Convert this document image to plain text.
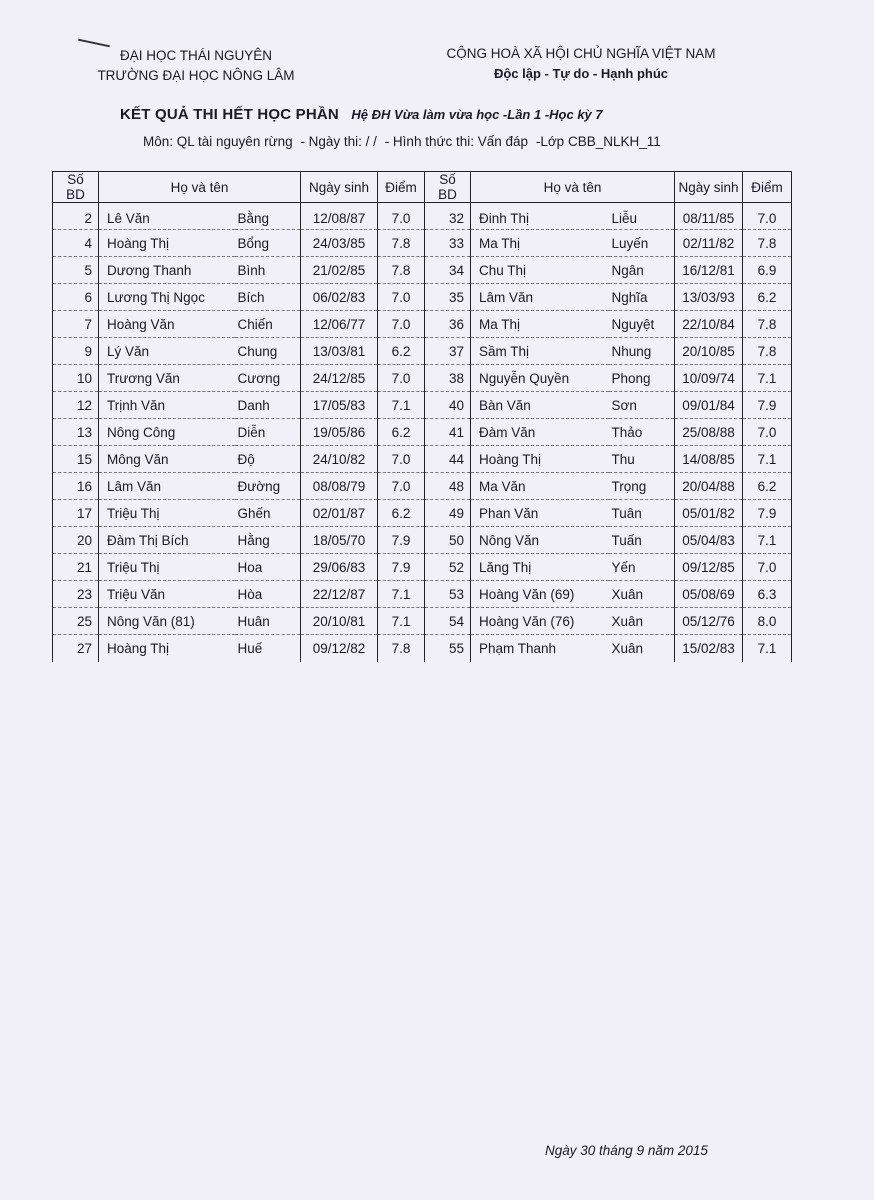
ĐẠI HỌC THÁI NGUYÊN
TRƯỜNG ĐẠI HỌC NÔNG LÂM
CỘNG HOÀ XÃ HỘI CHỦ NGHĨA VIỆT NAM
Độc lập - Tự do - Hạnh phúc
KẾT QUẢ THI HẾT HỌC PHẦN Hệ ĐH Vừa làm vừa học -Lần 1 -Học kỳ 7
Môn: QL tài nguyên rừng - Ngày thi: / / - Hình thức thi: Vấn đáp -Lớp CBB_NLKH_11
Số BD	Họ và tên		Ngày sinh	Điểm	Số BD	Họ và tên		Ngày sinh	Điểm
2	Lê Văn	Bằng	12/08/87	7.0	32	Đinh Thị	Liễu	08/11/85	7.0
4	Hoàng Thị	Bổng	24/03/85	7.8	33	Ma Thị	Luyến	02/11/82	7.8
5	Dương Thanh	Bình	21/02/85	7.8	34	Chu Thị	Ngân	16/12/81	6.9
6	Lương Thị Ngọc	Bích	06/02/83	7.0	35	Lâm Văn	Nghĩa	13/03/93	6.2
7	Hoàng Văn	Chiến	12/06/77	7.0	36	Ma Thị	Nguyệt	22/10/84	7.8
9	Lý Văn	Chung	13/03/81	6.2	37	Sầm Thị	Nhung	20/10/85	7.8
10	Trương Văn	Cương	24/12/85	7.0	38	Nguyễn Quyền	Phong	10/09/74	7.1
12	Trịnh Văn	Danh	17/05/83	7.1	40	Bàn Văn	Sơn	09/01/84	7.9
13	Nông Công	Diễn	19/05/86	6.2	41	Đàm Văn	Thảo	25/08/88	7.0
15	Mông Văn	Độ	24/10/82	7.0	44	Hoàng Thị	Thu	14/08/85	7.1
16	Lâm Văn	Đường	08/08/79	7.0	48	Ma Văn	Trọng	20/04/88	6.2
17	Triệu Thị	Ghến	02/01/87	6.2	49	Phan Văn	Tuân	05/01/82	7.9
20	Đàm Thị Bích	Hằng	18/05/70	7.9	50	Nông Văn	Tuấn	05/04/83	7.1
21	Triệu Thị	Hoa	29/06/83	7.9	52	Lăng Thị	Yến	09/12/85	7.0
23	Triệu Văn	Hòa	22/12/87	7.1	53	Hoàng Văn (69)	Xuân	05/08/69	6.3
25	Nông Văn (81)	Huân	20/10/81	7.1	54	Hoàng Văn (76)	Xuân	05/12/76	8.0
27	Hoàng Thị	Huế	09/12/82	7.8	55	Phạm Thanh	Xuân	15/02/83	7.1
Ngày 30 tháng 9 năm 2015
